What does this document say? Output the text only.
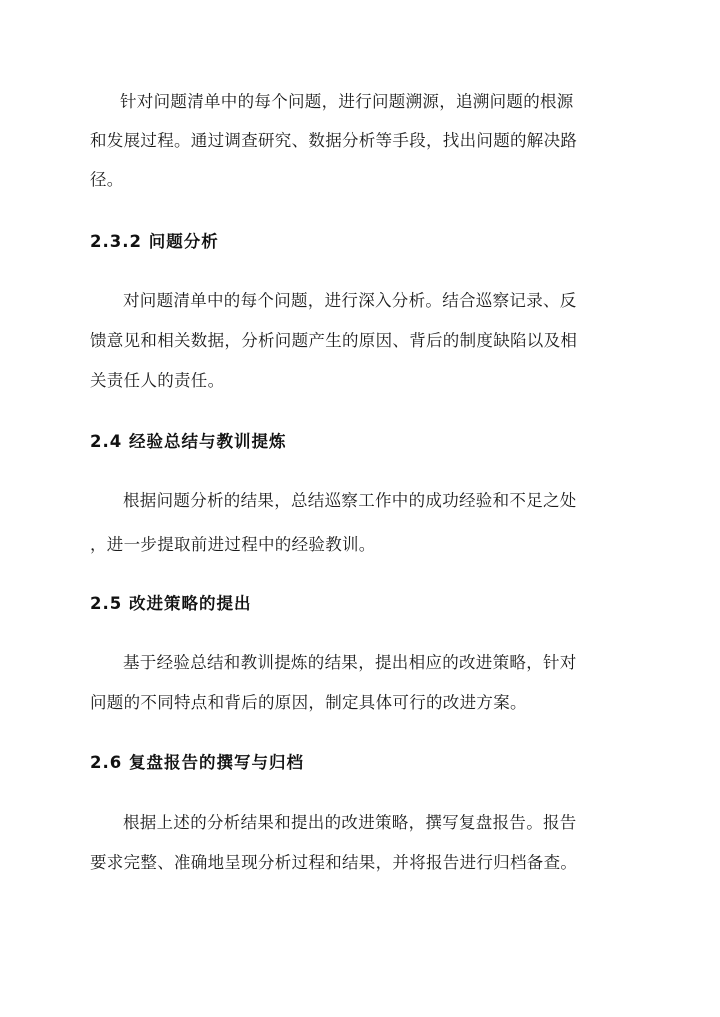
针对问题清单中的每个问题，进行问题溯源，追溯问题的根源
和发展过程。通过调查研究、数据分析等手段，找出问题的解决路
径。
2.3.2 问题分析
对问题清单中的每个问题，进行深入分析。结合巡察记录、反
馈意见和相关数据，分析问题产生的原因、背后的制度缺陷以及相
关责任人的责任。
2.4 经验总结与教训提炼
根据问题分析的结果，总结巡察工作中的成功经验和不足之处
，进一步提取前进过程中的经验教训。
2.5 改进策略的提出
基于经验总结和教训提炼的结果，提出相应的改进策略，针对
问题的不同特点和背后的原因，制定具体可行的改进方案。
2.6 复盘报告的撰写与归档
根据上述的分析结果和提出的改进策略，撰写复盘报告。报告
要求完整、准确地呈现分析过程和结果，并将报告进行归档备查。
